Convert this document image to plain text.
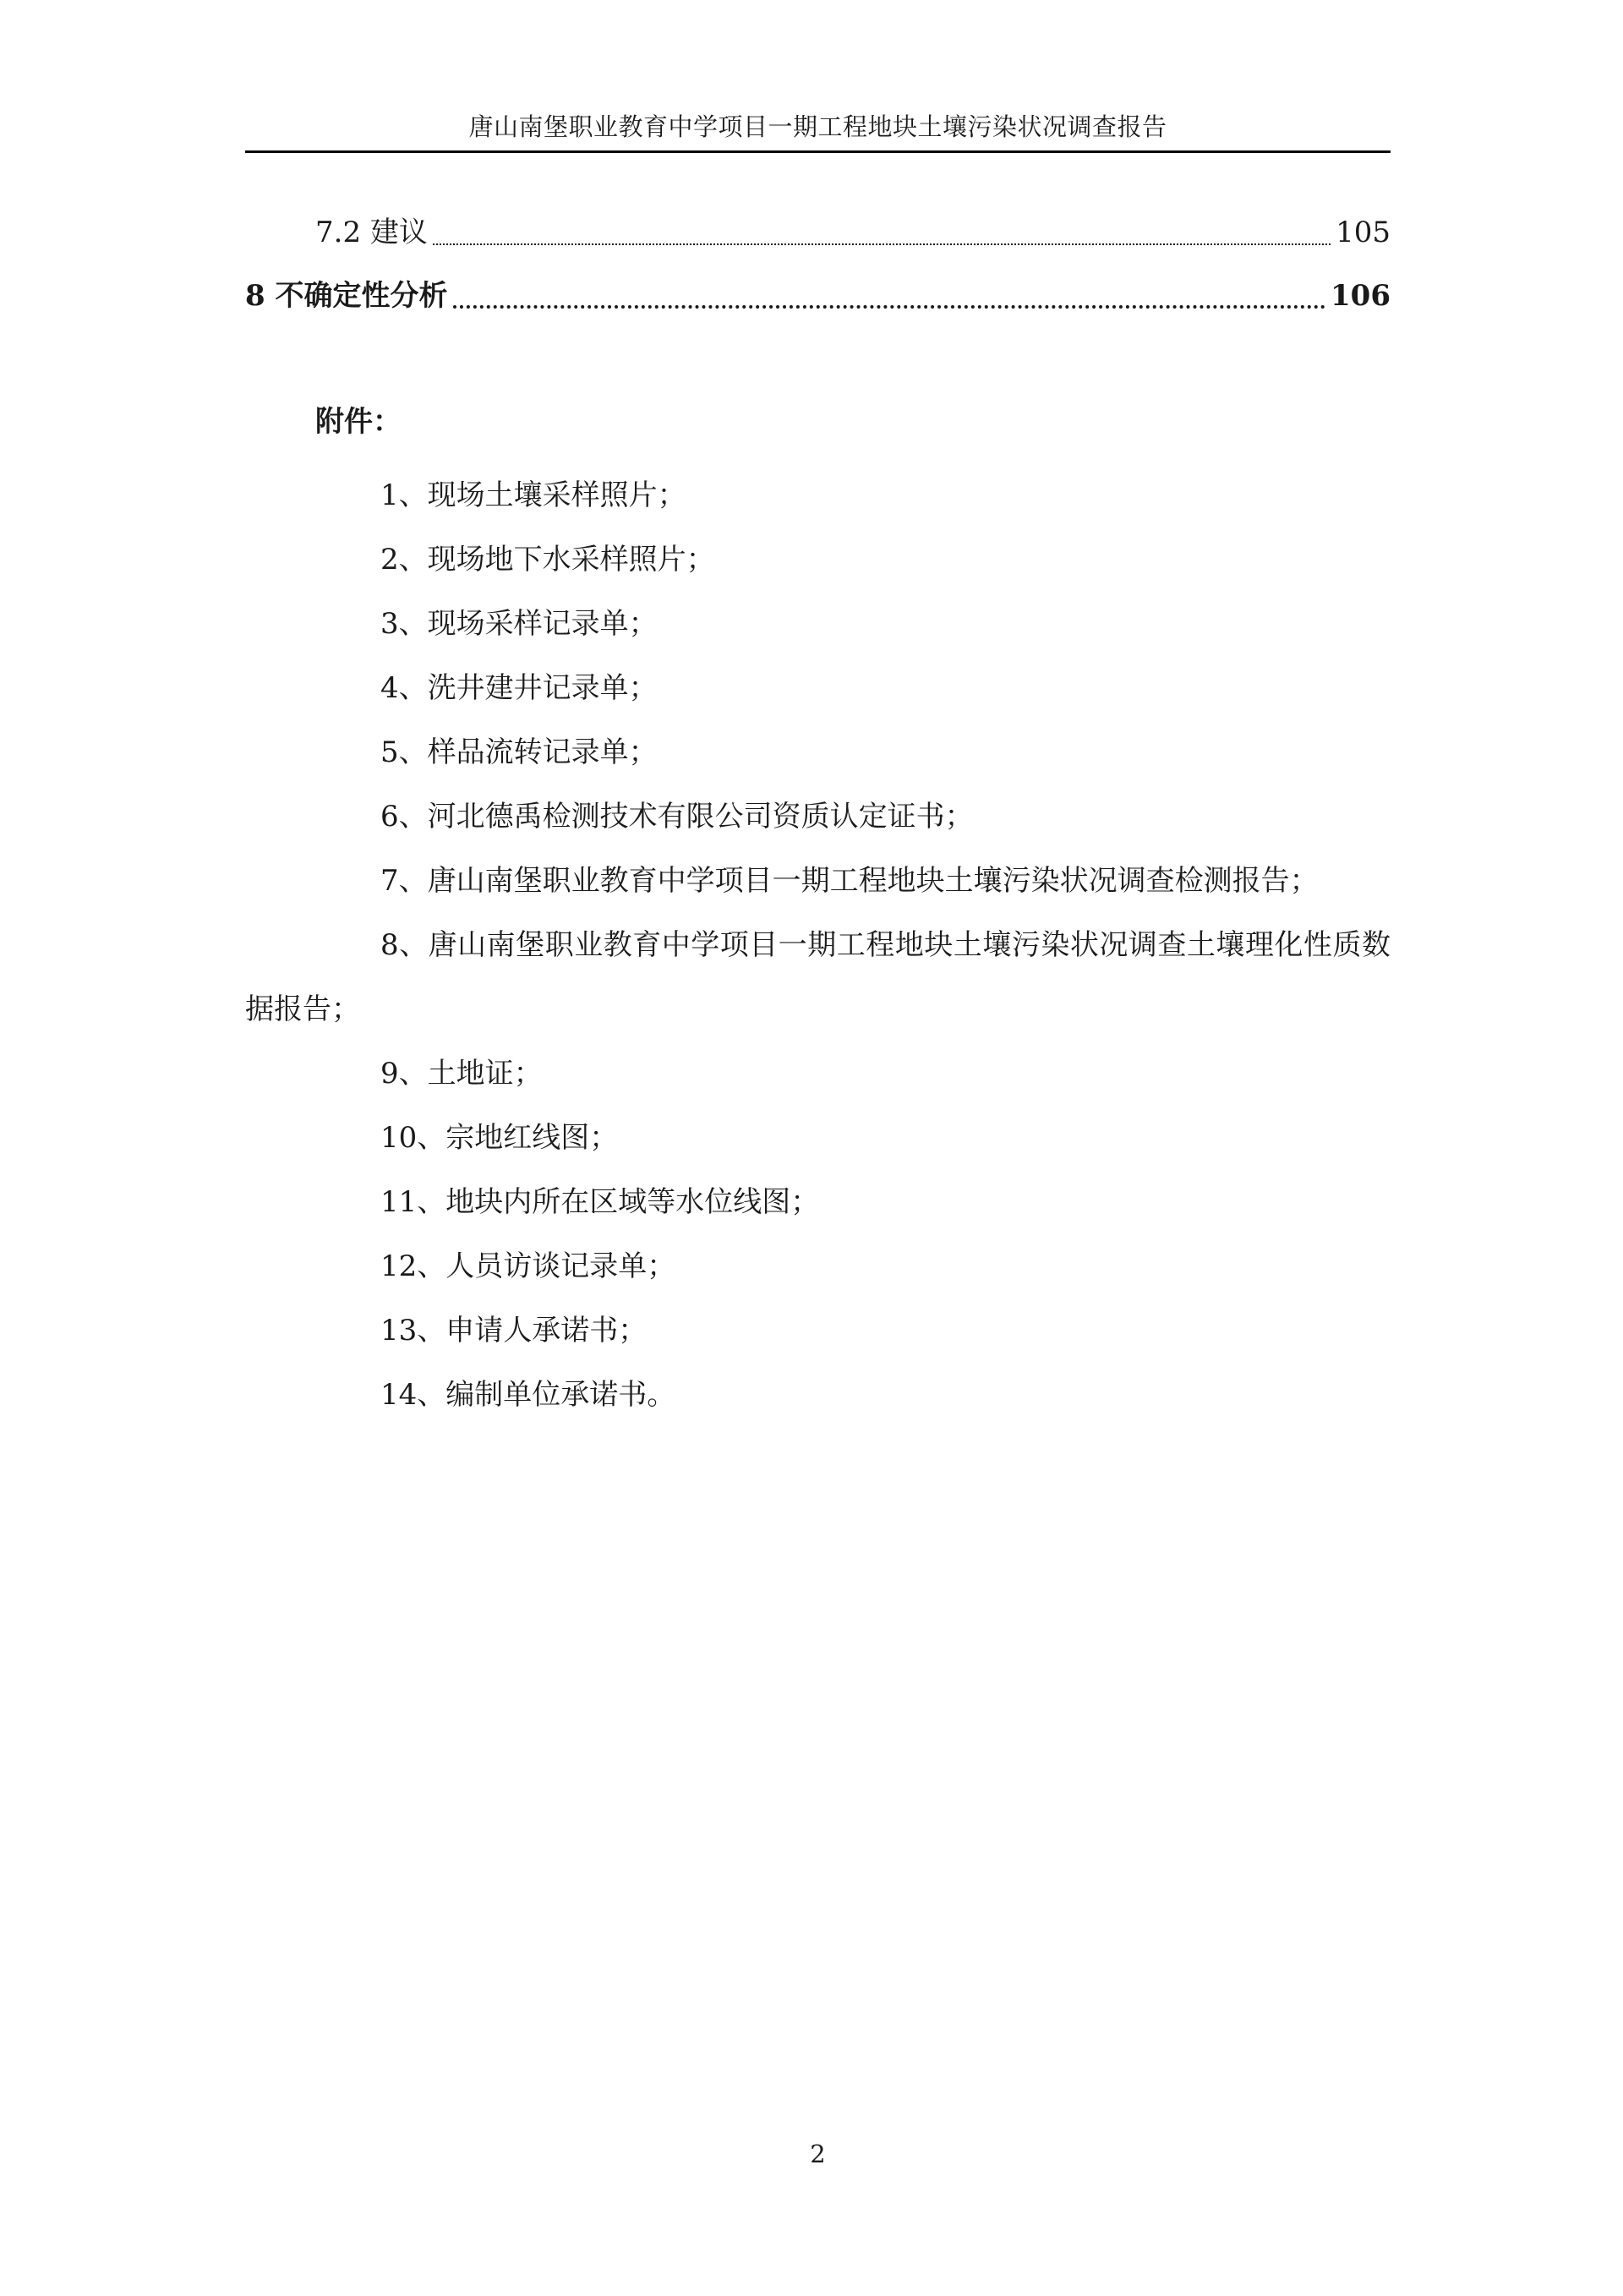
唐山南堡职业教育中学项目一期工程地块土壤污染状况调查报告
7.2 建议	105
8 不确定性分析	106
附件：
1、现场土壤采样照片；
2、现场地下水采样照片；
3、现场采样记录单；
4、洗井建井记录单；
5、样品流转记录单；
6、河北德禹检测技术有限公司资质认定证书；
7、唐山南堡职业教育中学项目一期工程地块土壤污染状况调查检测报告；
8、唐山南堡职业教育中学项目一期工程地块土壤污染状况调查土壤理化性质数据报告；
9、土地证；
10、宗地红线图；
11、地块内所在区域等水位线图；
12、人员访谈记录单；
13、申请人承诺书；
14、编制单位承诺书。
2
